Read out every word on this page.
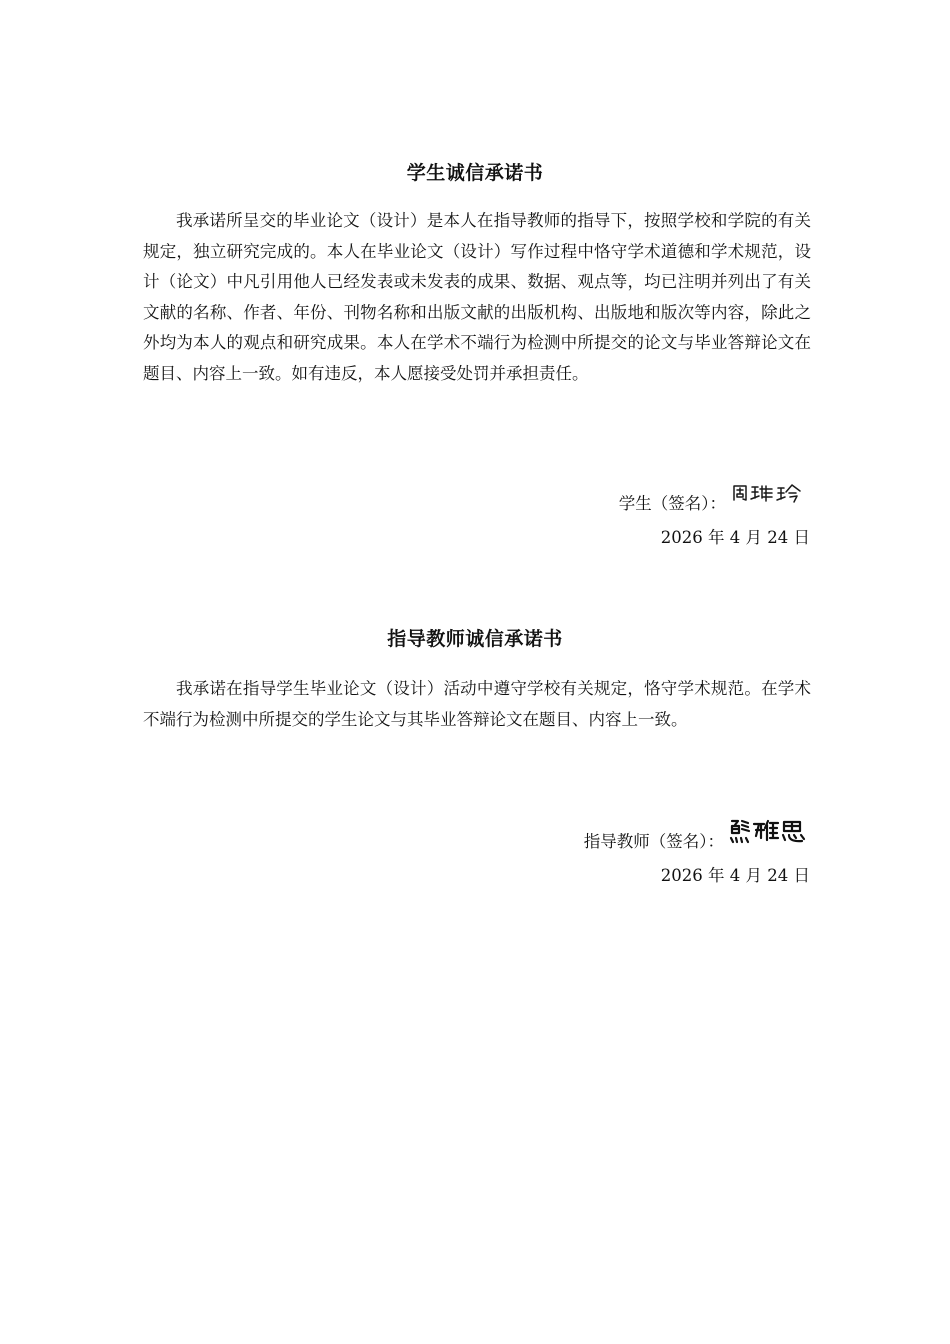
学生诚信承诺书
我承诺所呈交的毕业论文（设计）是本人在指导教师的指导下，按照学校和学院的有关规定，独立研究完成的。本人在毕业论文（设计）写作过程中恪守学术道德和学术规范，设计（论文）中凡引用他人已经发表或未发表的成果、数据、观点等，均已注明并列出了有关文献的名称、作者、年份、刊物名称和出版文献的出版机构、出版地和版次等内容，除此之外均为本人的观点和研究成果。本人在学术不端行为检测中所提交的论文与毕业答辩论文在题目、内容上一致。如有违反，本人愿接受处罚并承担责任。
学生（签名）：
2026 年 4 月 24 日
指导教师诚信承诺书
我承诺在指导学生毕业论文（设计）活动中遵守学校有关规定，恪守学术规范。在学术不端行为检测中所提交的学生论文与其毕业答辩论文在题目、内容上一致。
指导教师（签名）：
2026 年 4 月 24 日
